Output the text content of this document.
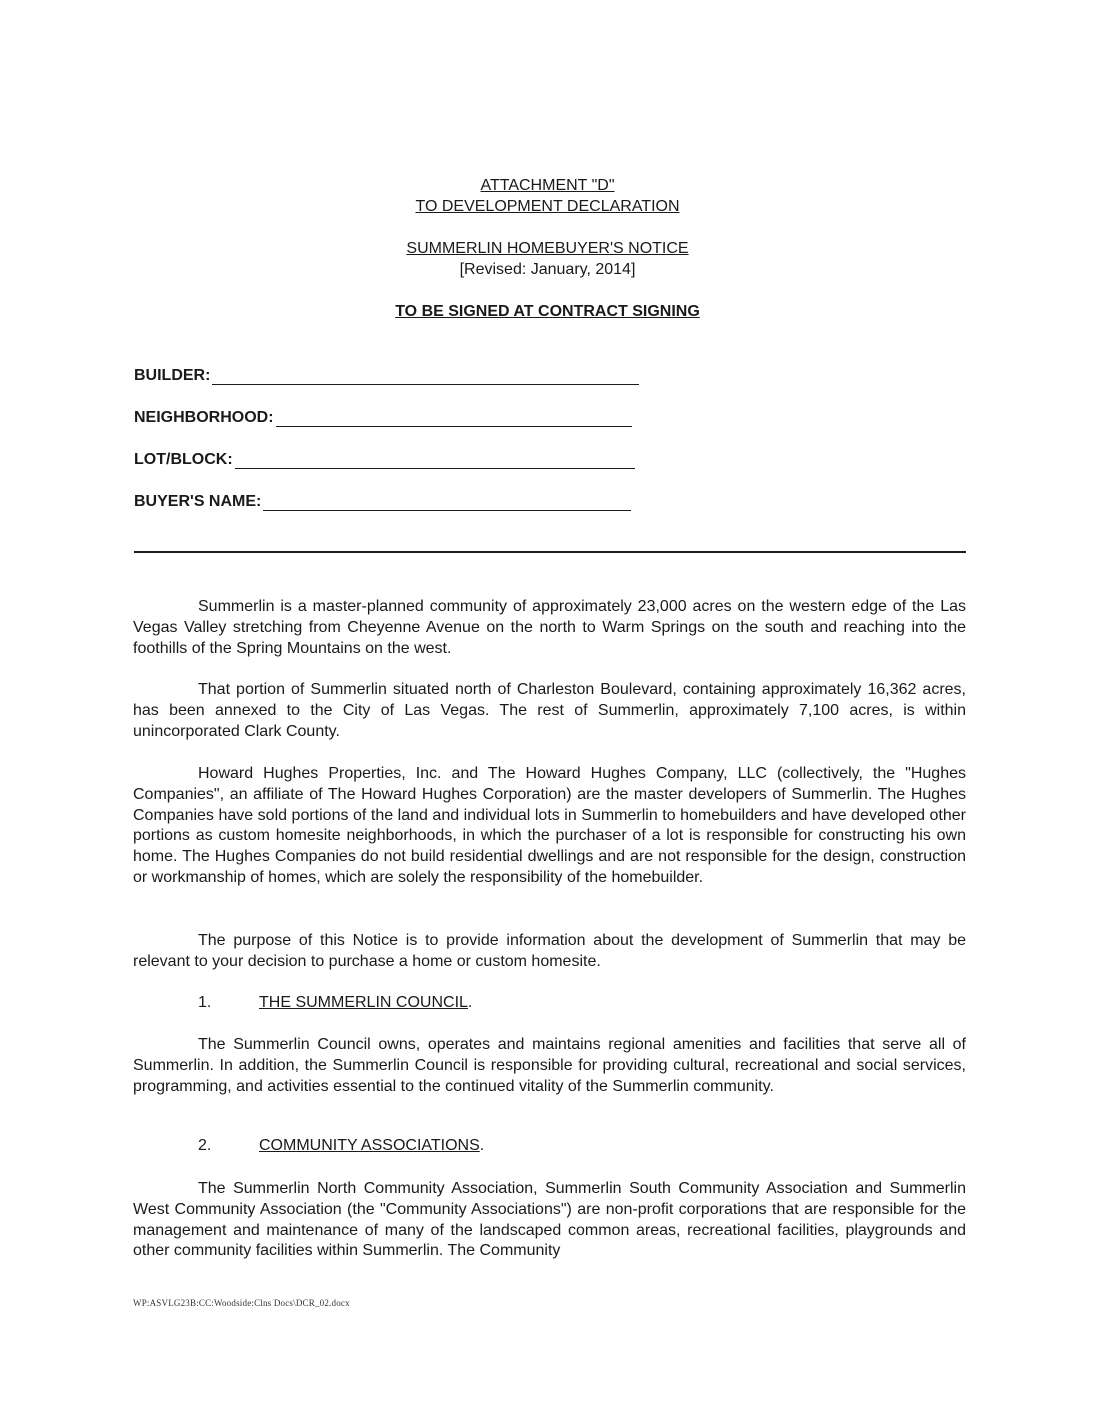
ATTACHMENT "D"
TO DEVELOPMENT DECLARATION
SUMMERLIN HOMEBUYER'S NOTICE
[Revised: January, 2014]
TO BE SIGNED AT CONTRACT SIGNING
BUILDER:
NEIGHBORHOOD:
LOT/BLOCK:
BUYER'S NAME:

Summerlin is a master-planned community of approximately 23,000 acres on the western edge of the Las Vegas Valley stretching from Cheyenne Avenue on the north to Warm Springs on the south and reaching into the foothills of the Spring Mountains on the west.

That portion of Summerlin situated north of Charleston Boulevard, containing approximately 16,362 acres, has been annexed to the City of Las Vegas. The rest of Summerlin, approximately 7,100 acres, is within unincorporated Clark County.

Howard Hughes Properties, Inc. and The Howard Hughes Company, LLC (collectively, the "Hughes Companies", an affiliate of The Howard Hughes Corporation) are the master developers of Summerlin. The Hughes Companies have sold portions of the land and individual lots in Summerlin to homebuilders and have developed other portions as custom homesite neighborhoods, in which the purchaser of a lot is responsible for constructing his own home. The Hughes Companies do not build residential dwellings and are not responsible for the design, construction or workmanship of homes, which are solely the responsibility of the homebuilder.

The purpose of this Notice is to provide information about the development of Summerlin that may be relevant to your decision to purchase a home or custom homesite.

1.	THE SUMMERLIN COUNCIL.

The Summerlin Council owns, operates and maintains regional amenities and facilities that serve all of Summerlin. In addition, the Summerlin Council is responsible for providing cultural, recreational and social services, programming, and activities essential to the continued vitality of the Summerlin community.

2.	COMMUNITY ASSOCIATIONS.

The Summerlin North Community Association, Summerlin South Community Association and Summerlin West Community Association (the "Community Associations") are non-profit corporations that are responsible for the management and maintenance of many of the landscaped common areas, recreational facilities, playgrounds and other community facilities within Summerlin. The Community

WP:ASVLG23B:CC:Woodside:Clns Docs\DCR_02.docx
